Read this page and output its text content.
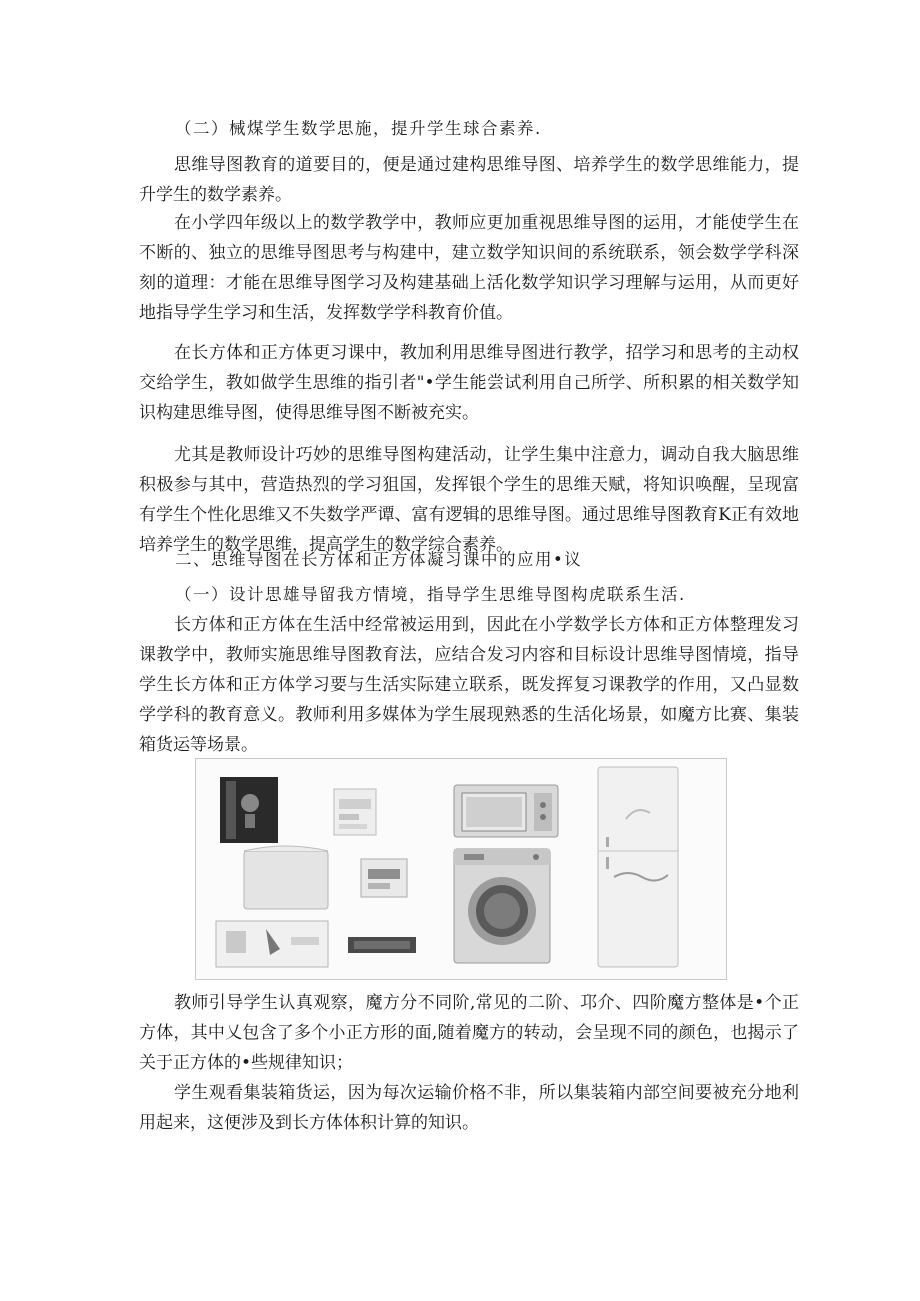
（二）械煤学生数学思施，提升学生球合素养.

思维导图教育的道要目的，便是通过建构思维导图、培养学生的数学思维能力，提升学生的数学素养。

在小学四年级以上的数学教学中，教师应更加重视思维导图的运用，才能使学生在不断的、独立的思维导图思考与构建中，建立数学知识间的系统联系，领会数学学科深刻的道理：才能在思维导图学习及构建基础上活化数学知识学习理解与运用，从而更好地指导学生学习和生活，发挥数学学科教育价值。

在长方体和正方体更习课中，教加利用思维导图进行教学，招学习和思考的主动权交给学生，教如做学生思维的指引者"•学生能尝试利用自己所学、所积累的相关数学知识构建思维导图，使得思维导图不断被充实。

尤其是教师设计巧妙的思维导图构建活动，让学生集中注意力，调动自我大脑思维积极参与其中，营造热烈的学习狙国，发挥银个学生的思维天赋，将知识唤醒，呈现富有学生个性化思维又不失数学严谭、富有逻辑的思维导图。通过思维导图教育K正有效地培养学生的数学思维，提高学生的数学综合素养。

二、思维导图在长方体和正方体凝习课中的应用•议

（一）设计思雄导留我方情境，指导学生思维导图构虎联系生活.

长方体和正方体在生活中经常被运用到，因此在小学数学长方体和正方体整理发习课教学中，教师实施思维导图教育法，应结合发习内容和目标设计思维导图情境，指导学生长方体和正方体学习要与生活实际建立联系，既发挥复习课教学的作用，又凸显数学学科的教育意义。教师利用多媒体为学生展现熟悉的生活化场景，如魔方比赛、集装箱货运等场景。

教师引导学生认真观察，魔方分不同阶,常见的二阶、邛介、四阶魔方整体是•个正方体，其中乂包含了多个小正方形的面,随着魔方的转动，会呈现不同的颜色，也揭示了关于正方体的•些规律知识；

学生观看集装箱货运，因为每次运输价格不非，所以集装箱内部空间要被充分地利用起来，这便涉及到长方体体积计算的知识。
